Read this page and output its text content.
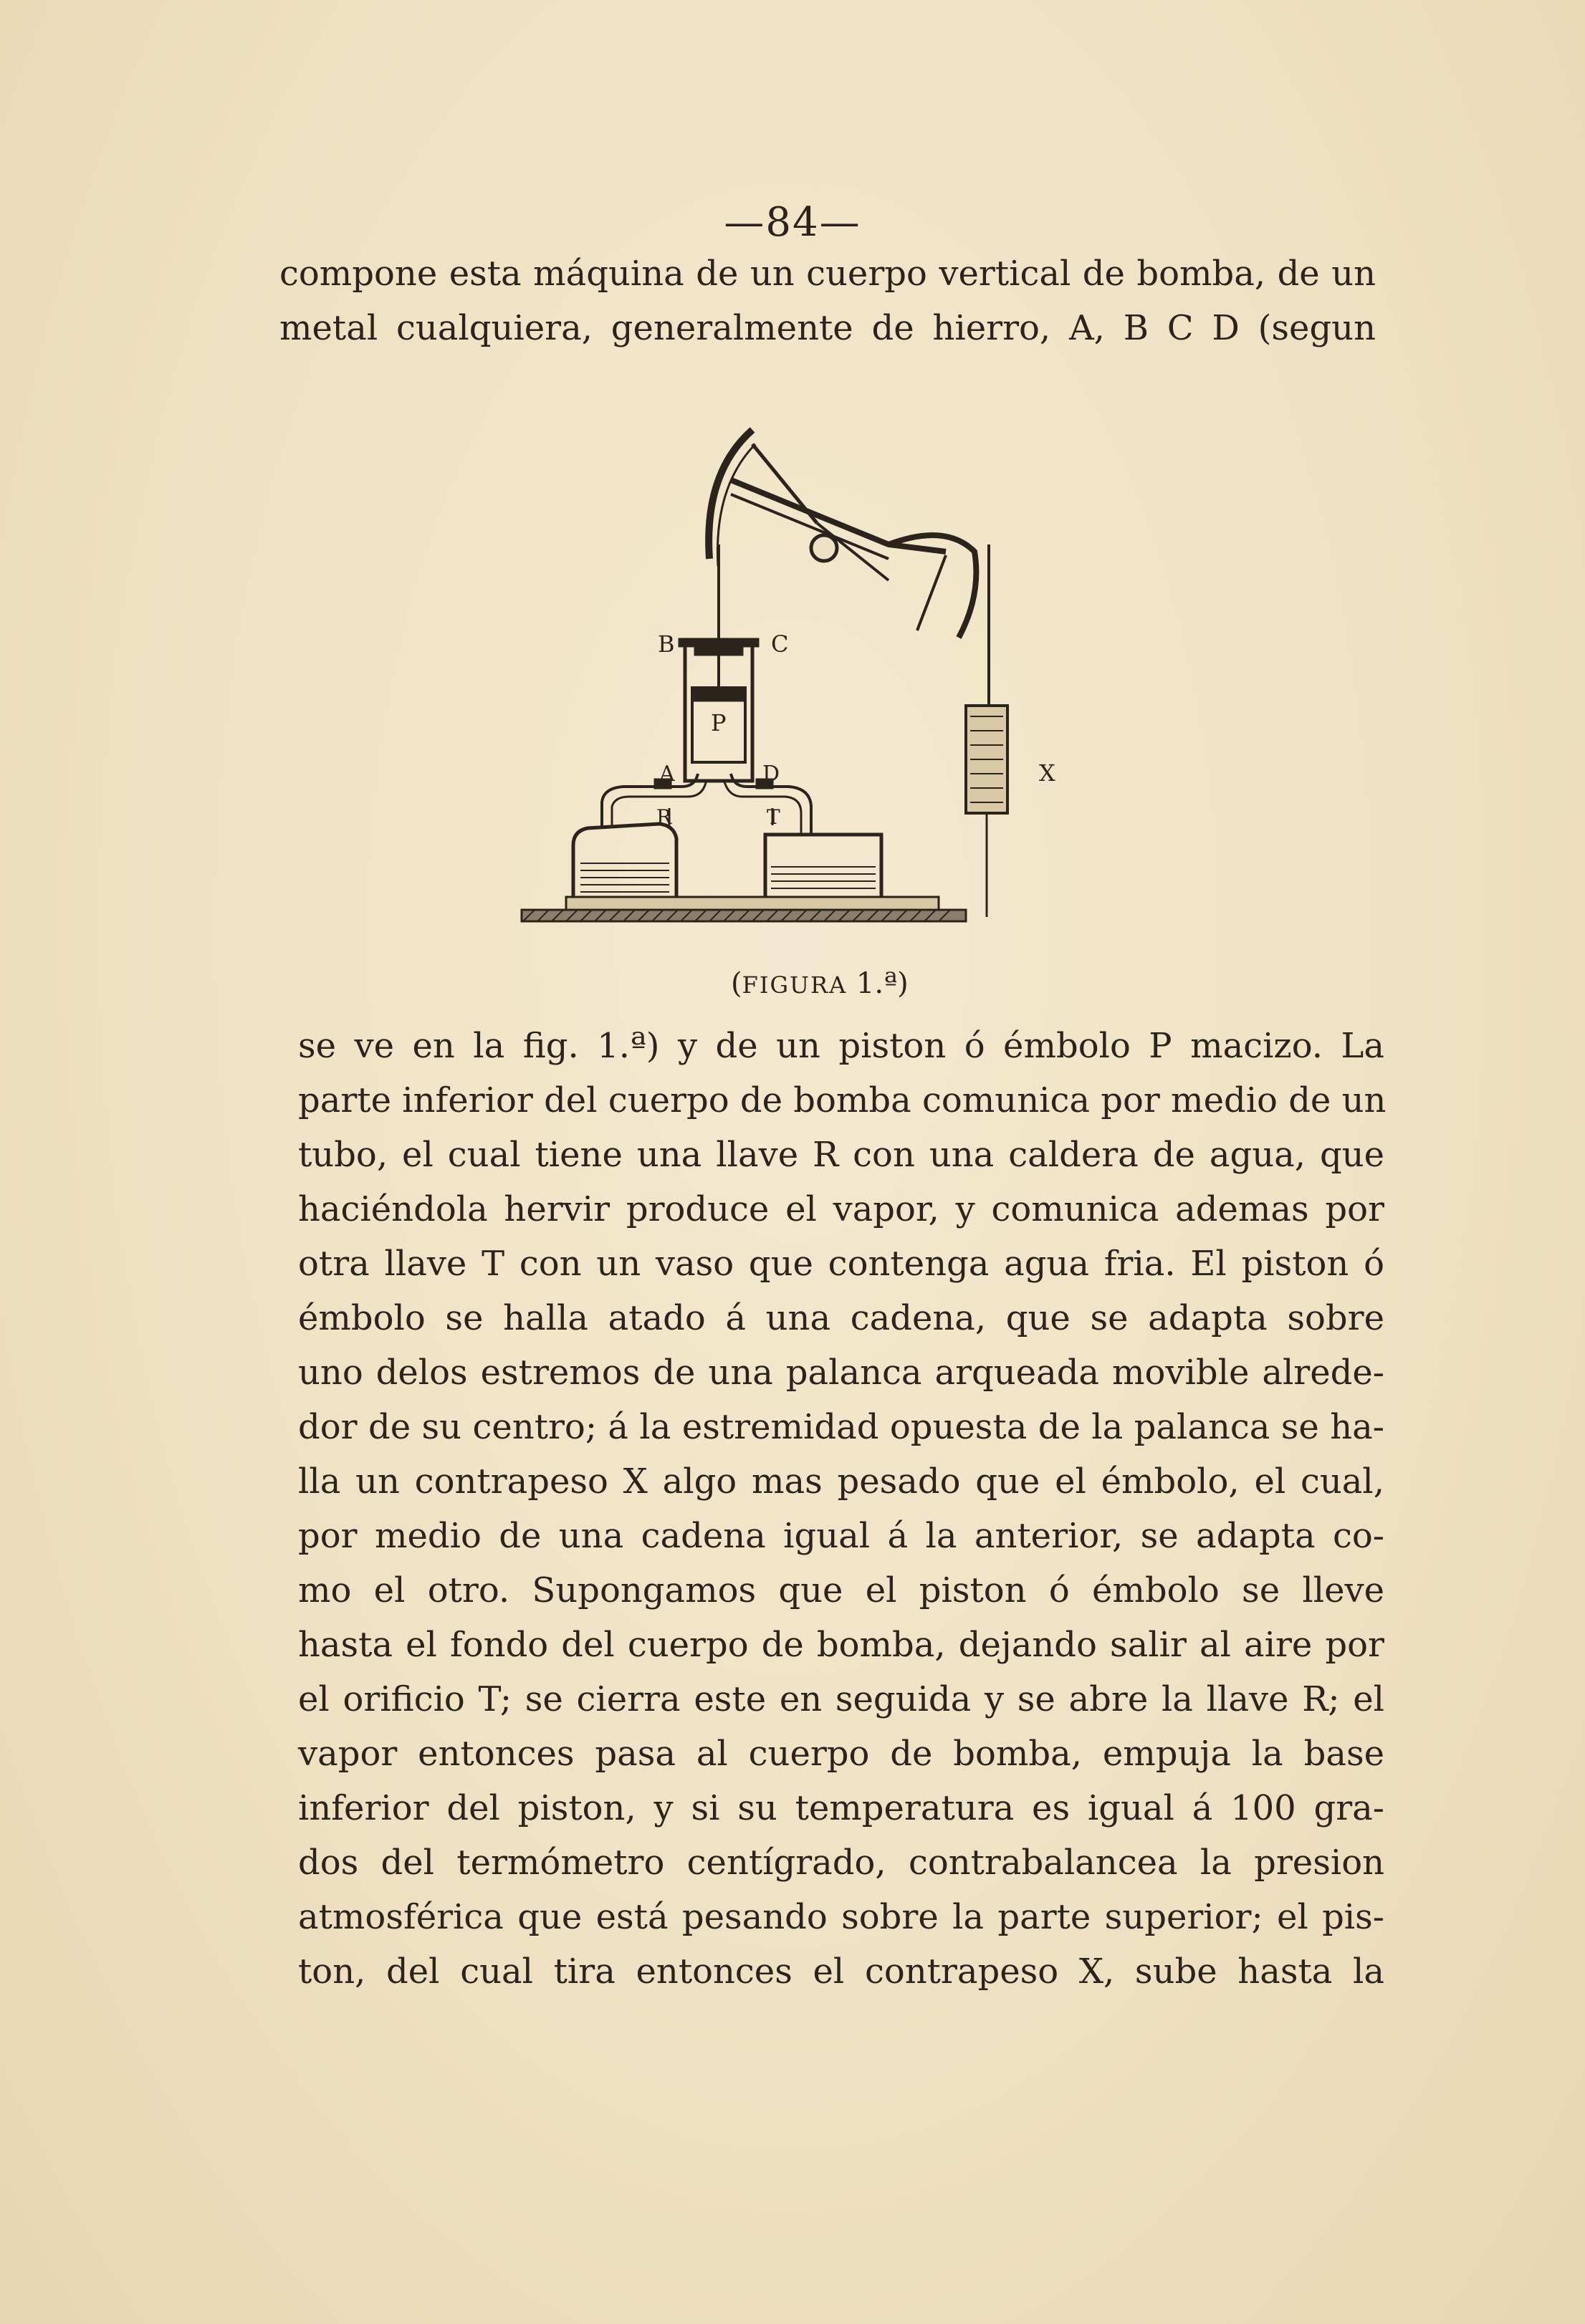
—84—
compone esta máquina de un cuerpo vertical de bomba, de un
metal cualquiera, generalmente de hierro, A, B C D (segun
B	C
P
A	D
R	T
X
(FIGURA 1.ª)
se ve en la fig. 1.ª) y de un piston ó émbolo P macizo. La
parte inferior del cuerpo de bomba comunica por medio de un
tubo, el cual tiene una llave R con una caldera de agua, que
haciéndola hervir produce el vapor, y comunica ademas por
otra llave T con un vaso que contenga agua fria. El piston ó
émbolo se halla atado á una cadena, que se adapta sobre
uno delos estremos de una palanca arqueada movible alrede-
dor de su centro; á la estremidad opuesta de la palanca se ha-
lla un contrapeso X algo mas pesado que el émbolo, el cual,
por medio de una cadena igual á la anterior, se adapta co-
mo el otro. Supongamos que el piston ó émbolo se lleve
hasta el fondo del cuerpo de bomba, dejando salir al aire por
el orificio T; se cierra este en seguida y se abre la llave R; el
vapor entonces pasa al cuerpo de bomba, empuja la base
inferior del piston, y si su temperatura es igual á 100 gra-
dos del termómetro centígrado, contrabalancea la presion
atmosférica que está pesando sobre la parte superior; el pis-
ton, del cual tira entonces el contrapeso X, sube hasta la
